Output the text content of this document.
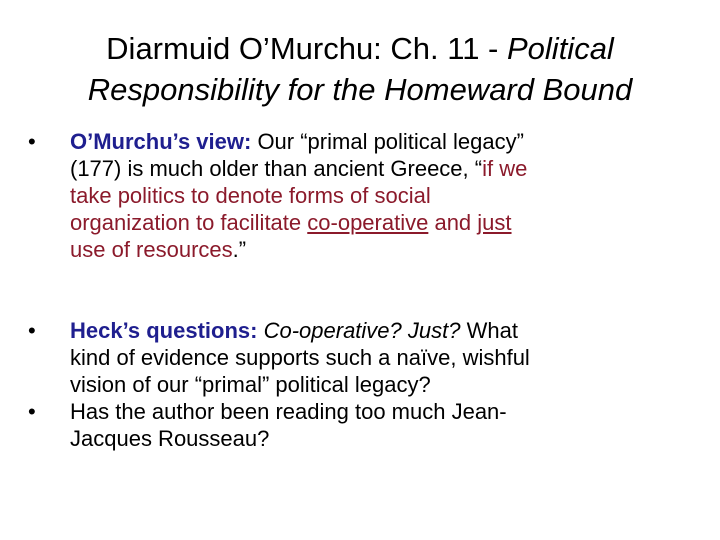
Diarmuid O’Murchu: Ch. 11 - Political
Responsibility for the Homeward Bound
•	O’Murchu’s view: Our “primal political legacy”
(177) is much older than ancient Greece, “if we
take politics to denote forms of social
organization to facilitate co-operative and just
use of resources.”
•	Heck’s questions: Co-operative? Just? What
kind of evidence supports such a naïve, wishful
vision of our “primal” political legacy?
•	Has the author been reading too much Jean-
Jacques Rousseau?
